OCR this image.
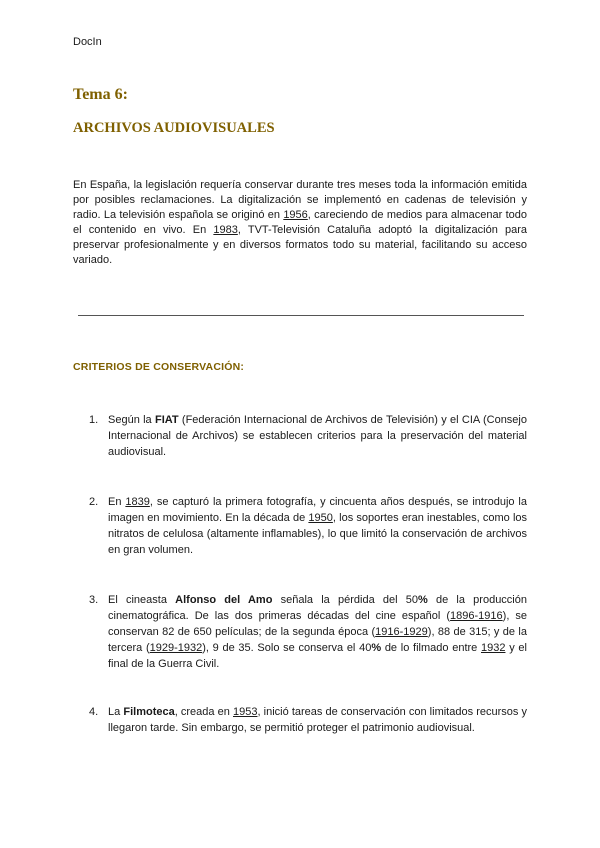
DocIn
Tema 6:
ARCHIVOS AUDIOVISUALES

En España, la legislación requería conservar durante tres meses toda la información emitida por posibles reclamaciones. La digitalización se implementó en cadenas de televisión y radio. La televisión española se originó en 1956, careciendo de medios para almacenar todo el contenido en vivo. En 1983, TVT-Televisión Cataluña adoptó la digitalización para preservar profesionalmente y en diversos formatos todo su material, facilitando su acceso variado.

CRITERIOS DE CONSERVACIÓN:

1. Según la FIAT (Federación Internacional de Archivos de Televisión) y el CIA (Consejo Internacional de Archivos) se establecen criterios para la preservación del material audiovisual.

2. En 1839, se capturó la primera fotografía, y cincuenta años después, se introdujo la imagen en movimiento. En la década de 1950, los soportes eran inestables, como los nitratos de celulosa (altamente inflamables), lo que limitó la conservación de archivos en gran volumen.

3. El cineasta Alfonso del Amo señala la pérdida del 50% de la producción cinematográfica. De las dos primeras décadas del cine español (1896-1916), se conservan 82 de 650 películas; de la segunda época (1916-1929), 88 de 315; y de la tercera (1929-1932), 9 de 35. Solo se conserva el 40% de lo filmado entre 1932 y el final de la Guerra Civil.

4. La Filmoteca, creada en 1953, inició tareas de conservación con limitados recursos y llegaron tarde. Sin embargo, se permitió proteger el patrimonio audiovisual.
